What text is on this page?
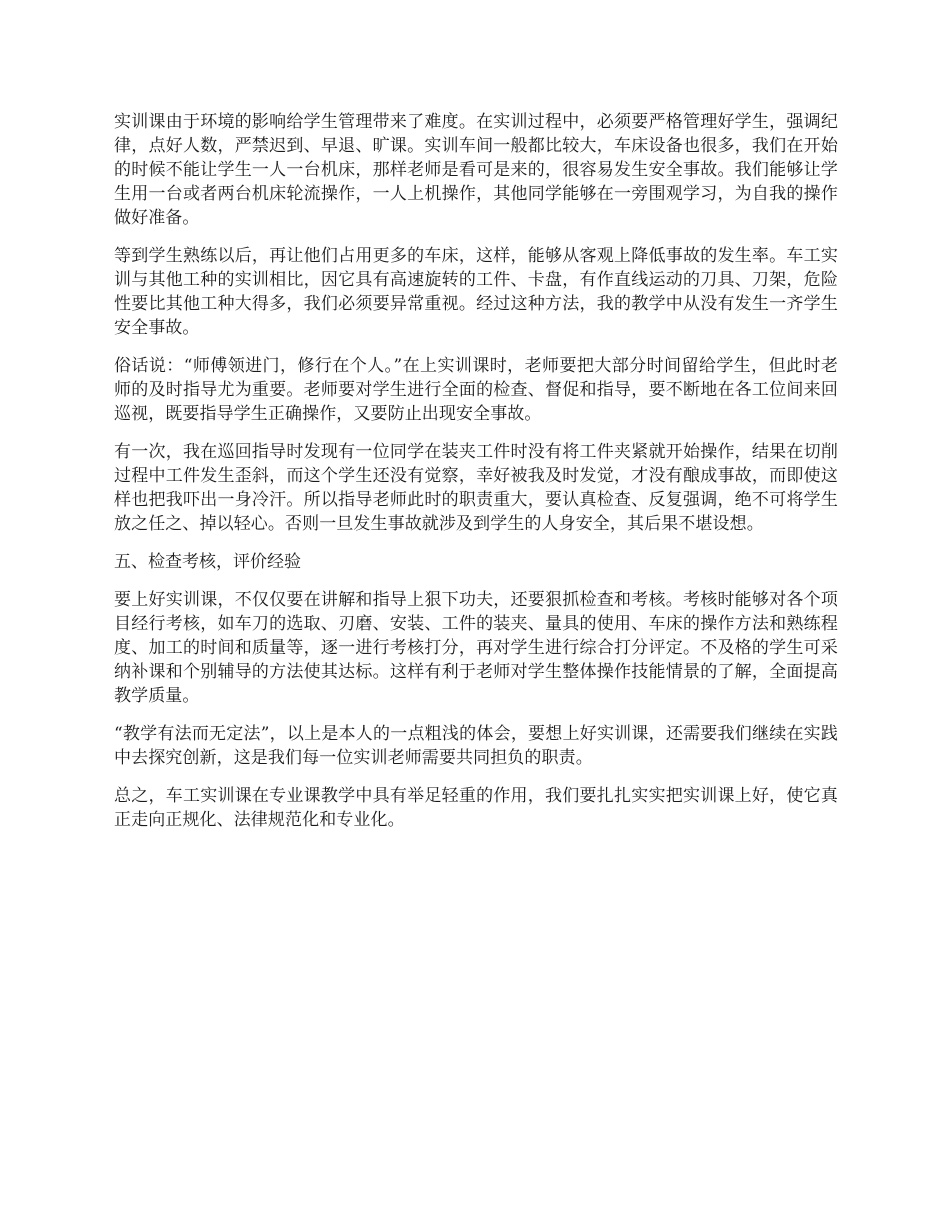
实训课由于环境的影响给学生管理带来了难度。在实训过程中，必须要严格管理好学生，强调纪律，点好人数，严禁迟到、早退、旷课。实训车间一般都比较大，车床设备也很多，我们在开始的时候不能让学生一人一台机床，那样老师是看可是来的，很容易发生安全事故。我们能够让学生用一台或者两台机床轮流操作，一人上机操作，其他同学能够在一旁围观学习，为自我的操作做好准备。

等到学生熟练以后，再让他们占用更多的车床，这样，能够从客观上降低事故的发生率。车工实训与其他工种的实训相比，因它具有高速旋转的工件、卡盘，有作直线运动的刀具、刀架，危险性要比其他工种大得多，我们必须要异常重视。经过这种方法，我的教学中从没有发生一齐学生安全事故。

俗话说：“师傅领进门，修行在个人。”在上实训课时，老师要把大部分时间留给学生，但此时老师的及时指导尤为重要。老师要对学生进行全面的检查、督促和指导，要不断地在各工位间来回巡视，既要指导学生正确操作，又要防止出现安全事故。

有一次，我在巡回指导时发现有一位同学在装夹工件时没有将工件夹紧就开始操作，结果在切削过程中工件发生歪斜，而这个学生还没有觉察，幸好被我及时发觉，才没有酿成事故，而即使这样也把我吓出一身冷汗。所以指导老师此时的职责重大，要认真检查、反复强调，绝不可将学生放之任之、掉以轻心。否则一旦发生事故就涉及到学生的人身安全，其后果不堪设想。

五、检查考核，评价经验

要上好实训课，不仅仅要在讲解和指导上狠下功夫，还要狠抓检查和考核。考核时能够对各个项目经行考核，如车刀的选取、刃磨、安装、工件的装夹、量具的使用、车床的操作方法和熟练程度、加工的时间和质量等，逐一进行考核打分，再对学生进行综合打分评定。不及格的学生可采纳补课和个别辅导的方法使其达标。这样有利于老师对学生整体操作技能情景的了解，全面提高教学质量。

“教学有法而无定法”，以上是本人的一点粗浅的体会，要想上好实训课，还需要我们继续在实践中去探究创新，这是我们每一位实训老师需要共同担负的职责。

总之，车工实训课在专业课教学中具有举足轻重的作用，我们要扎扎实实把实训课上好，使它真正走向正规化、法律规范化和专业化。
